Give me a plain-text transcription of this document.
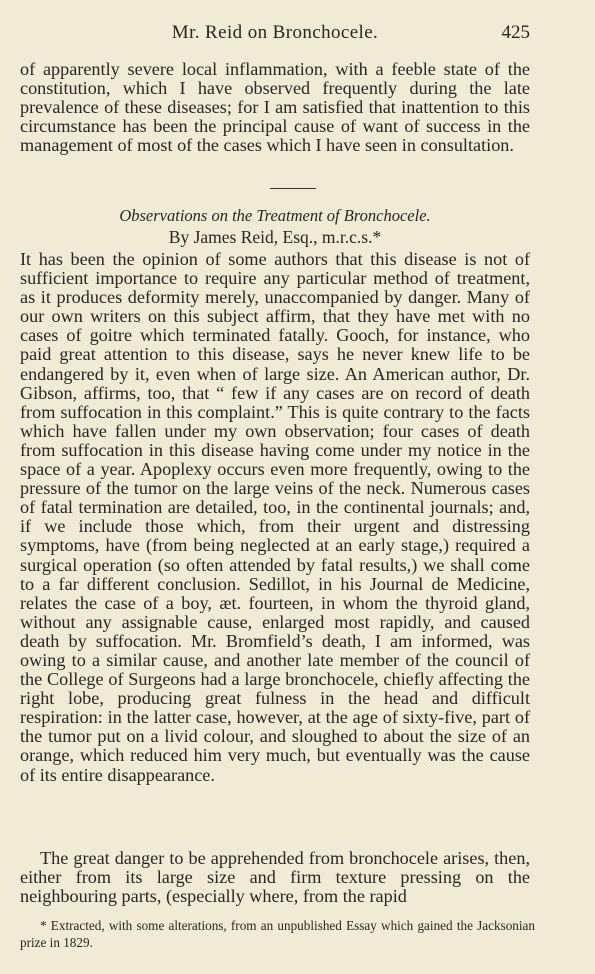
Mr. Reid on Bronchocele.	425

of apparently severe local inflammation, with a feeble state of the constitution, which I have observed frequently during the late prevalence of these diseases; for I am satisfied that inattention to this circumstance has been the principal cause of want of success in the management of most of the cases which I have seen in consultation.

Observations on the Treatment of Bronchocele.
By James Reid, Esq., m.r.c.s.*

It has been the opinion of some authors that this disease is not of sufficient importance to require any particular method of treatment, as it produces deformity merely, unaccompanied by danger. Many of our own writers on this subject affirm, that they have met with no cases of goitre which terminated fatally. Gooch, for instance, who paid great attention to this disease, says he never knew life to be endangered by it, even when of large size. An American author, Dr. Gibson, affirms, too, that “ few if any cases are on record of death from suffocation in this complaint.” This is quite contrary to the facts which have fallen under my own observation; four cases of death from suffocation in this disease having come under my notice in the space of a year. Apoplexy occurs even more frequently, owing to the pressure of the tumor on the large veins of the neck. Numerous cases of fatal termination are detailed, too, in the continental journals; and, if we include those which, from their urgent and distressing symptoms, have (from being neglected at an early stage,) required a surgical operation (so often attended by fatal results,) we shall come to a far different conclusion. Sedillot, in his Journal de Medicine, relates the case of a boy, æt. fourteen, in whom the thyroid gland, without any assignable cause, enlarged most rapidly, and caused death by suffocation. Mr. Bromfield’s death, I am informed, was owing to a similar cause, and another late member of the council of the College of Surgeons had a large bronchocele, chiefly affecting the right lobe, producing great fulness in the head and difficult respiration: in the latter case, however, at the age of sixty-five, part of the tumor put on a livid colour, and sloughed to about the size of an orange, which reduced him very much, but eventually was the cause of its entire disappearance.

The great danger to be apprehended from bronchocele arises, then, either from its large size and firm texture pressing on the neighbouring parts, (especially where, from the rapid

* Extracted, with some alterations, from an unpublished Essay which gained the Jacksonian prize in 1829.
